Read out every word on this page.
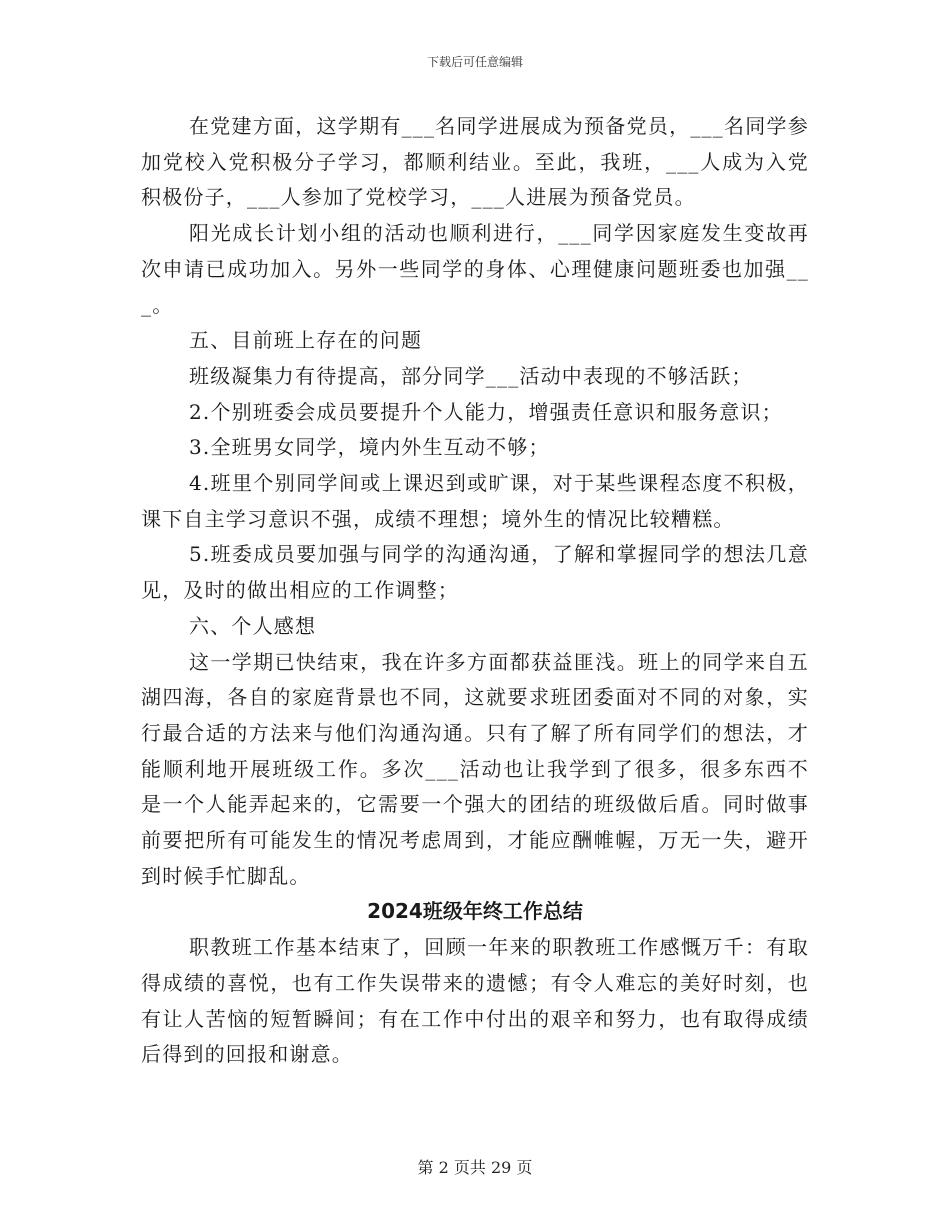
下载后可任意编辑

在党建方面，这学期有___名同学进展成为预备党员，___名同学参加党校入党积极分子学习，都顺利结业。至此，我班，___人成为入党积极份子，___人参加了党校学习，___人进展为预备党员。

阳光成长计划小组的活动也顺利进行，___同学因家庭发生变故再次申请已成功加入。另外一些同学的身体、心理健康问题班委也加强___。

五、目前班上存在的问题

班级凝集力有待提高，部分同学___活动中表现的不够活跃；

2.个别班委会成员要提升个人能力，增强责任意识和服务意识；

3.全班男女同学，境内外生互动不够；

4.班里个别同学间或上课迟到或旷课，对于某些课程态度不积极，课下自主学习意识不强，成绩不理想；境外生的情况比较糟糕。

5.班委成员要加强与同学的沟通沟通，了解和掌握同学的想法几意见，及时的做出相应的工作调整；

六、个人感想

这一学期已快结束，我在许多方面都获益匪浅。班上的同学来自五湖四海，各自的家庭背景也不同，这就要求班团委面对不同的对象，实行最合适的方法来与他们沟通沟通。只有了解了所有同学们的想法，才能顺利地开展班级工作。多次___活动也让我学到了很多，很多东西不是一个人能弄起来的，它需要一个强大的团结的班级做后盾。同时做事前要把所有可能发生的情况考虑周到，才能应酬帷幄，万无一失，避开到时候手忙脚乱。

2024班级年终工作总结

职教班工作基本结束了，回顾一年来的职教班工作感慨万千：有取得成绩的喜悦，也有工作失误带来的遗憾；有令人难忘的美好时刻，也有让人苦恼的短暂瞬间；有在工作中付出的艰辛和努力，也有取得成绩后得到的回报和谢意。

第 2 页共 29 页
